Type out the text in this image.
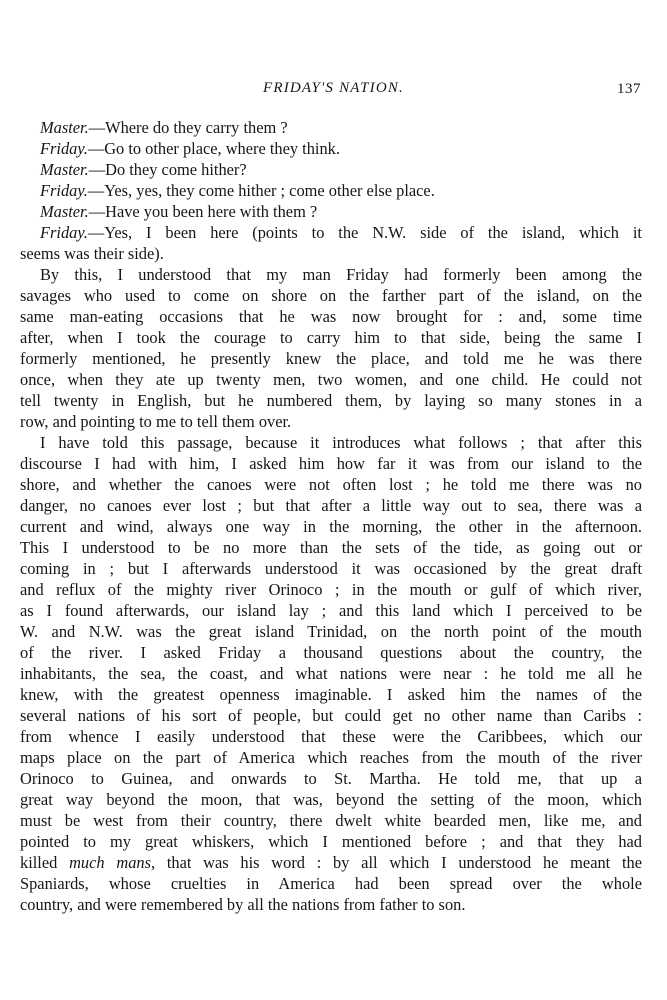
FRIDAY'S NATION.	137
Master.—Where do they carry them ?
Friday.—Go to other place, where they think.
Master.—Do they come hither?
Friday.—Yes, yes, they come hither ; come other else place.
Master.—Have you been here with them ?
Friday.—Yes, I been here (points to the N.W. side of the island, which it
seems was their side).
By this, I understood that my man Friday had formerly been among the
savages who used to come on shore on the farther part of the island, on the
same man-eating occasions that he was now brought for : and, some time
after, when I took the courage to carry him to that side, being the same I
formerly mentioned, he presently knew the place, and told me he was there
once, when they ate up twenty men, two women, and one child. He could not
tell twenty in English, but he numbered them, by laying so many stones in a
row, and pointing to me to tell them over.
I have told this passage, because it introduces what follows ; that after this
discourse I had with him, I asked him how far it was from our island to the
shore, and whether the canoes were not often lost ; he told me there was no
danger, no canoes ever lost ; but that after a little way out to sea, there was a
current and wind, always one way in the morning, the other in the afternoon.
This I understood to be no more than the sets of the tide, as going out or
coming in ; but I afterwards understood it was occasioned by the great draft
and reflux of the mighty river Orinoco ; in the mouth or gulf of which river,
as I found afterwards, our island lay ; and this land which I perceived to be
W. and N.W. was the great island Trinidad, on the north point of the mouth
of the river. I asked Friday a thousand questions about the country, the
inhabitants, the sea, the coast, and what nations were near : he told me all he
knew, with the greatest openness imaginable. I asked him the names of the
several nations of his sort of people, but could get no other name than Caribs :
from whence I easily understood that these were the Caribbees, which our
maps place on the part of America which reaches from the mouth of the river
Orinoco to Guinea, and onwards to St. Martha. He told me, that up a
great way beyond the moon, that was, beyond the setting of the moon, which
must be west from their country, there dwelt white bearded men, like me, and
pointed to my great whiskers, which I mentioned before ; and that they had
killed much mans, that was his word : by all which I understood he meant the
Spaniards, whose cruelties in America had been spread over the whole
country, and were remembered by all the nations from father to son.
